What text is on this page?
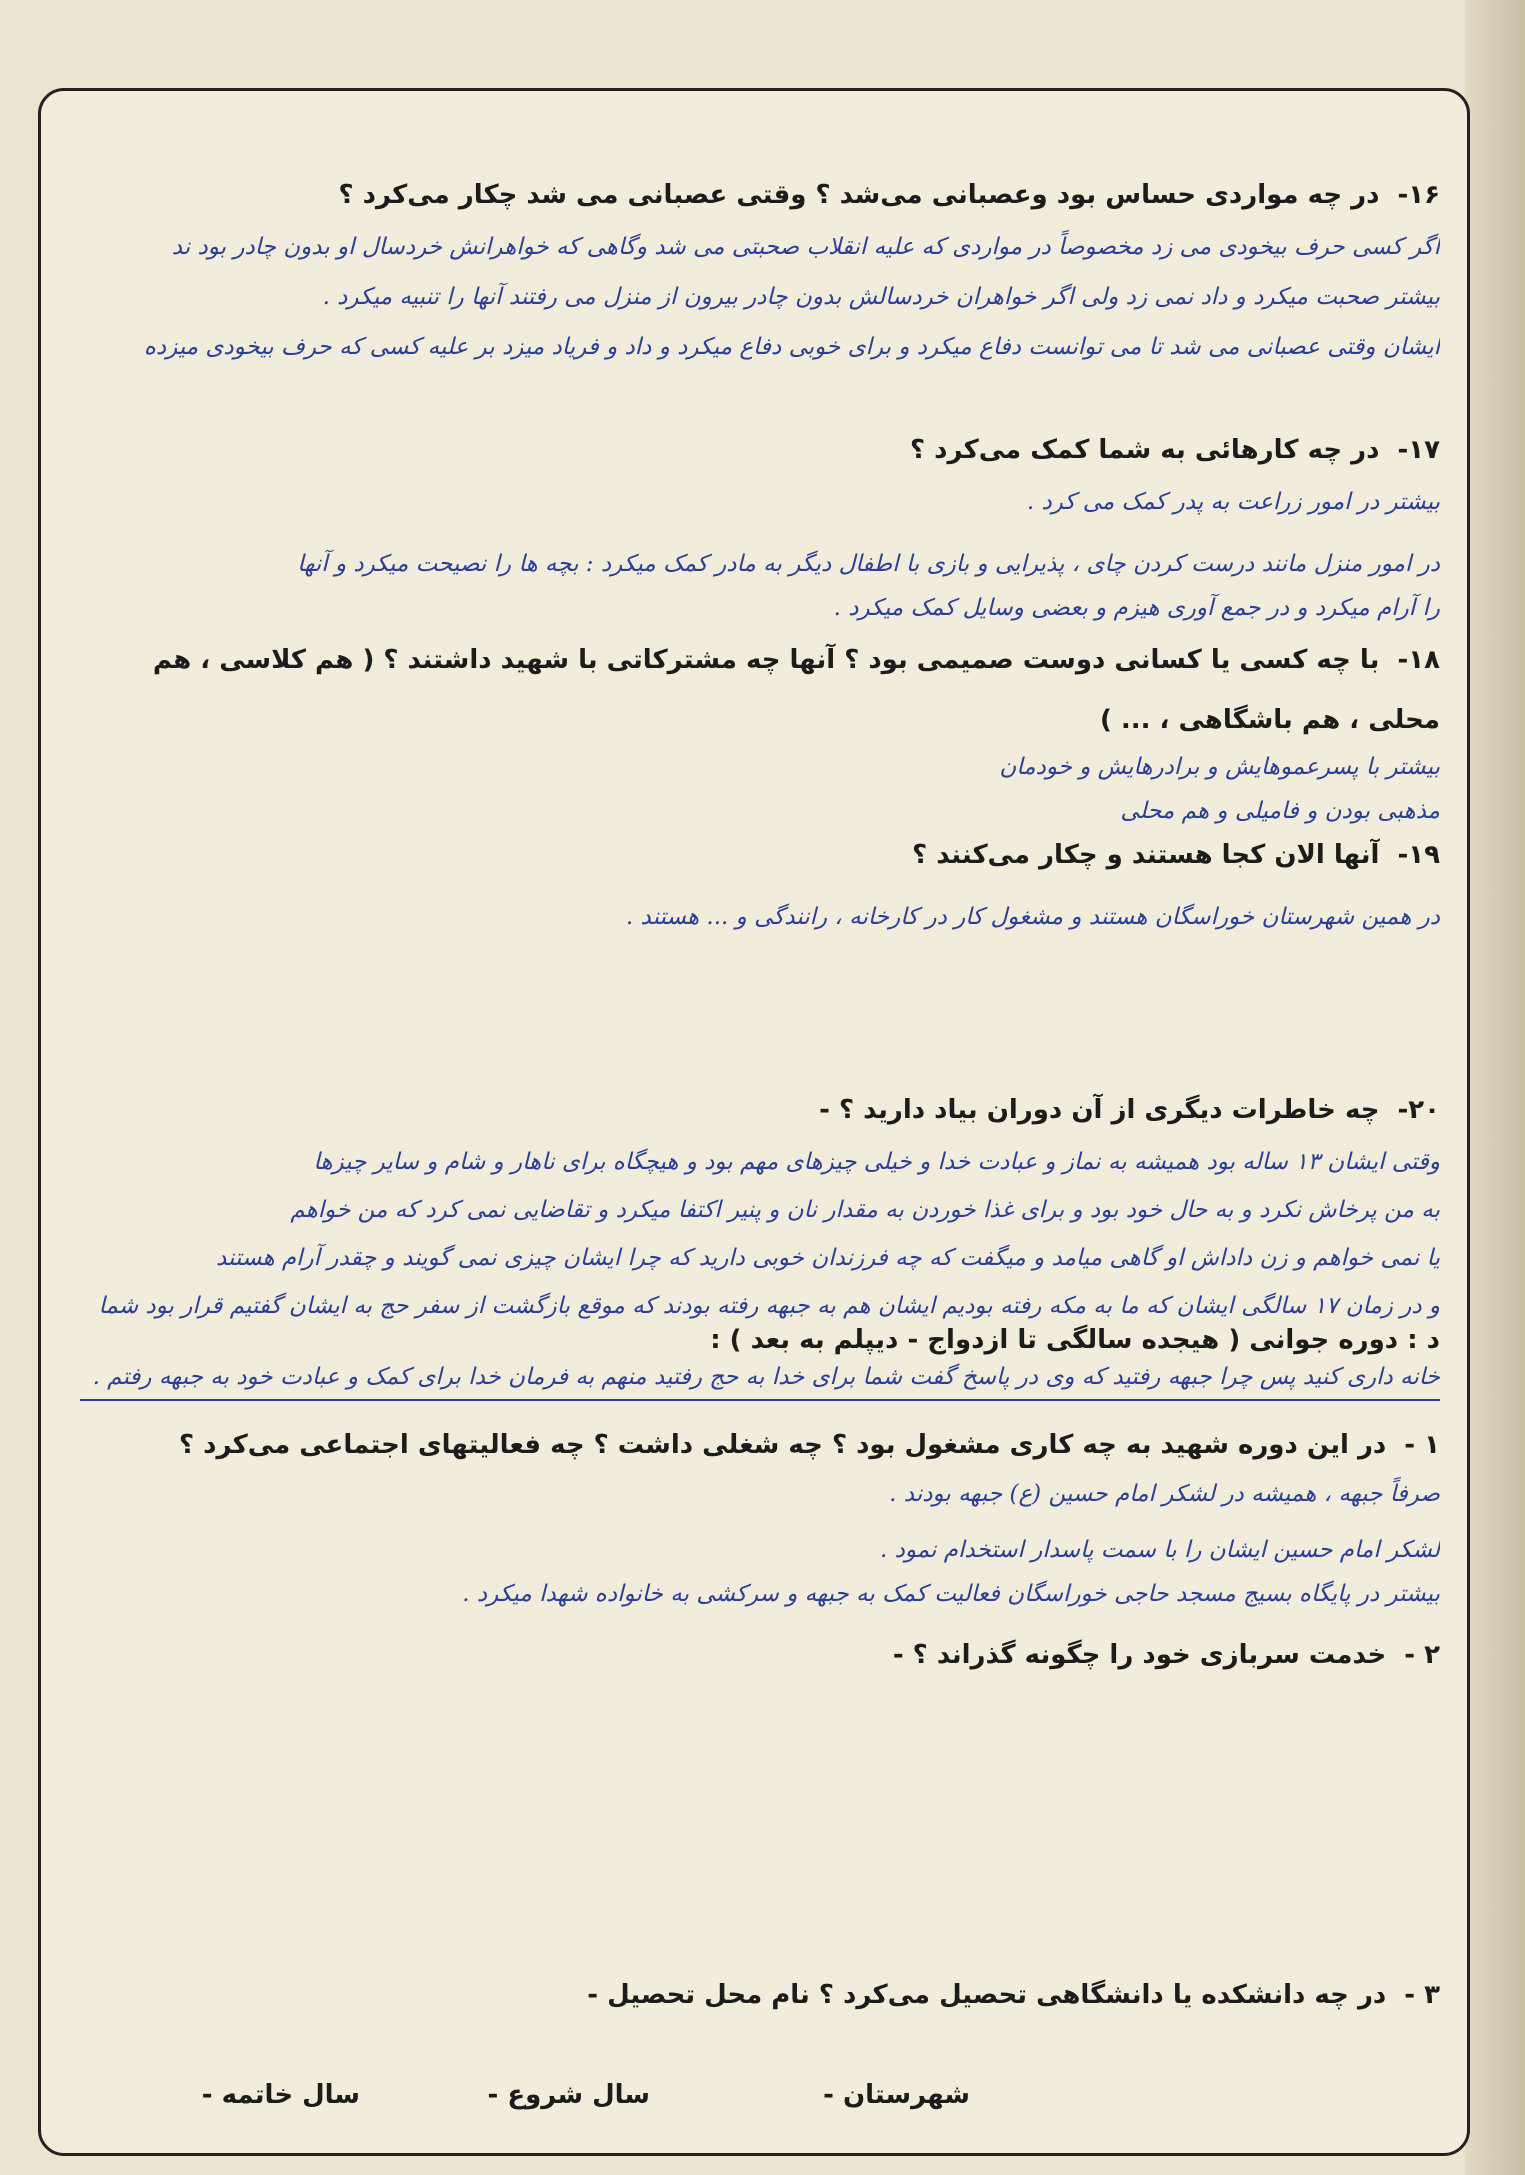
۱۶-در چه مواردی حساس بود وعصبانی می‌شد ؟ وقتی عصبانی می شد چکار می‌کرد ؟
اگر کسی حرف بیخودی می زد مخصوصاً در مواردی که علیه انقلاب صحبتی می شد وگاهی که خواهرانش خردسال او بدون چادر بود ند
بیشتر صحبت میکرد و داد نمی زد ولی اگر خواهران خردسالش بدون چادر بیرون از منزل می رفتند آنها را تنبیه میکرد .
ایشان وقتی عصبانی می شد تا می توانست دفاع میکرد و برای خوبی دفاع میکرد و داد و فریاد میزد بر علیه کسی که حرف بیخودی میزده
۱۷-در چه کارهائی به شما کمک می‌کرد ؟
بیشتر در امور زراعت به پدر کمک می کرد .
در امور منزل مانند درست کردن چای ، پذیرایی و بازی با اطفال دیگر به مادر کمک میکرد : بچه ها را نصیحت میکرد و آنها
را آرام میکرد و در جمع آوری هیزم و بعضی وسایل کمک میکرد .
۱۸-با چه کسی یا کسانی دوست صمیمی بود ؟ آنها چه مشترکاتی با شهید داشتند ؟ ( هم کلاسی ، هم
محلی ، هم باشگاهی ، ... )
بیشتر با پسرعموهایش و برادرهایش و خودمان
مذهبی بودن و فامیلی و هم محلی
۱۹-آنها الان کجا هستند و چکار می‌کنند ؟
در همین شهرستان خوراسگان هستند و مشغول کار در کارخانه ، رانندگی و ... هستند .
۲۰-چه خاطرات دیگری از آن دوران بیاد دارید ؟ -
وقتی ایشان ۱۳ ساله بود همیشه به نماز و عبادت خدا و خیلی چیزهای مهم بود و هیچگاه برای ناهار و شام و سایر چیزها
به من پرخاش نکرد و به حال خود بود و برای غذا خوردن به مقدار نان و پنیر اکتفا میکرد و تقاضایی نمی کرد که من خواهم
یا نمی خواهم و زن داداش او گاهی میامد و میگفت که چه فرزندان خوبی دارید که چرا ایشان چیزی نمی گویند و چقدر آرام هستند
و در زمان ۱۷ سالگی ایشان که ما به مکه رفته بودیم ایشان هم به جبهه رفته بودند که موقع بازگشت از سفر حج به ایشان گفتیم قرار بود شما
د : دوره جوانی ( هیجده سالگی تا ازدواج - دیپلم به بعد ) :
خانه داری کنید پس چرا جبهه رفتید که وی در پاسخ گفت شما برای خدا به حج رفتید منهم به فرمان خدا برای کمک و عبادت خود به جبهه رفتم .
۱ -در این دوره شهید به چه کاری مشغول بود ؟ چه شغلی داشت ؟ چه فعالیتهای اجتماعی می‌کرد ؟
صرفاً جبهه ، همیشه در لشکر امام حسین (ع) جبهه بودند .
لشکر امام حسین ایشان را با سمت پاسدار استخدام نمود .
بیشتر در پایگاه بسیج مسجد حاجی خوراسگان فعالیت کمک به جبهه و سرکشی به خانواده شهدا میکرد .
۲ -خدمت سربازی خود را چگونه گذراند ؟ -
۳ -در چه دانشکده یا دانشگاهی تحصیل می‌کرد ؟ نام محل تحصیل -
شهرستان -
سال شروع -
سال خاتمه -
